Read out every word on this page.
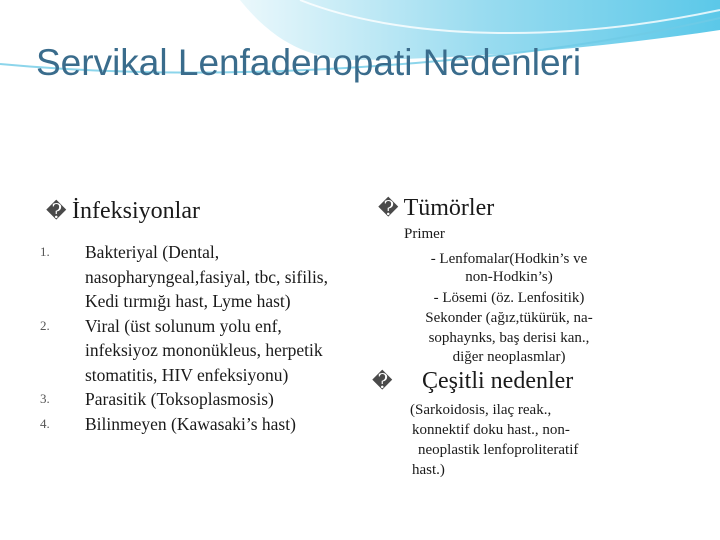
Servikal Lenfadenopati Nedenleri
� İnfeksiyonlar
1. Bakteriyal (Dental, nasopharyngeal,fasiyal, tbc, sifilis, Kedi tırmığı hast, Lyme hast)
2. Viral (üst solunum yolu enf, infeksiyoz mononükleus, herpetik stomatitis, HIV enfeksiyonu)
3. Parasitik (Toksoplasmosis)
4. Bilinmeyen (Kawasaki’s hast)
� Tümörler
Primer
- Lenfomalar(Hodkin’s ve
non-Hodkin’s)
- Lösemi (öz. Lenfositik)
Sekonder (ağız,tükürük, na-
sophaynks, baş derisi kan.,
diğer neoplasmlar)
� Çeşitli nedenler
(Sarkoidosis, ilaç reak.,
konnektif doku hast., non-
neoplastik lenfoproliteratif
hast.)
